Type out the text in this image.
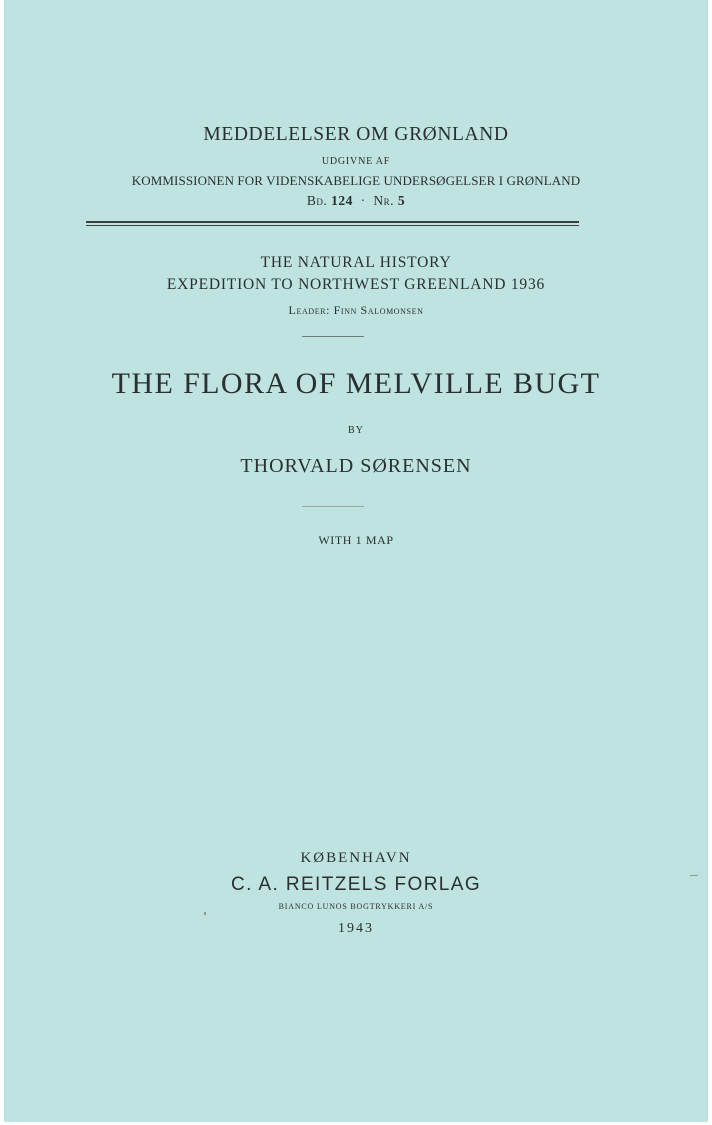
MEDDELELSER OM GRØNLAND
UDGIVNE AF
KOMMISSIONEN FOR VIDENSKABELIGE UNDERSØGELSER I GRØNLAND
Bd. 124  ·  Nr. 5
THE NATURAL HISTORY
EXPEDITION TO NORTHWEST GREENLAND 1936
Leader: Finn Salomonsen
THE FLORA OF MELVILLE BUGT
BY
THORVALD SØRENSEN
WITH 1 MAP
KØBENHAVN
C. A. REITZELS FORLAG
BIANCO LUNOS BOGTRYKKERI A/S
1943
